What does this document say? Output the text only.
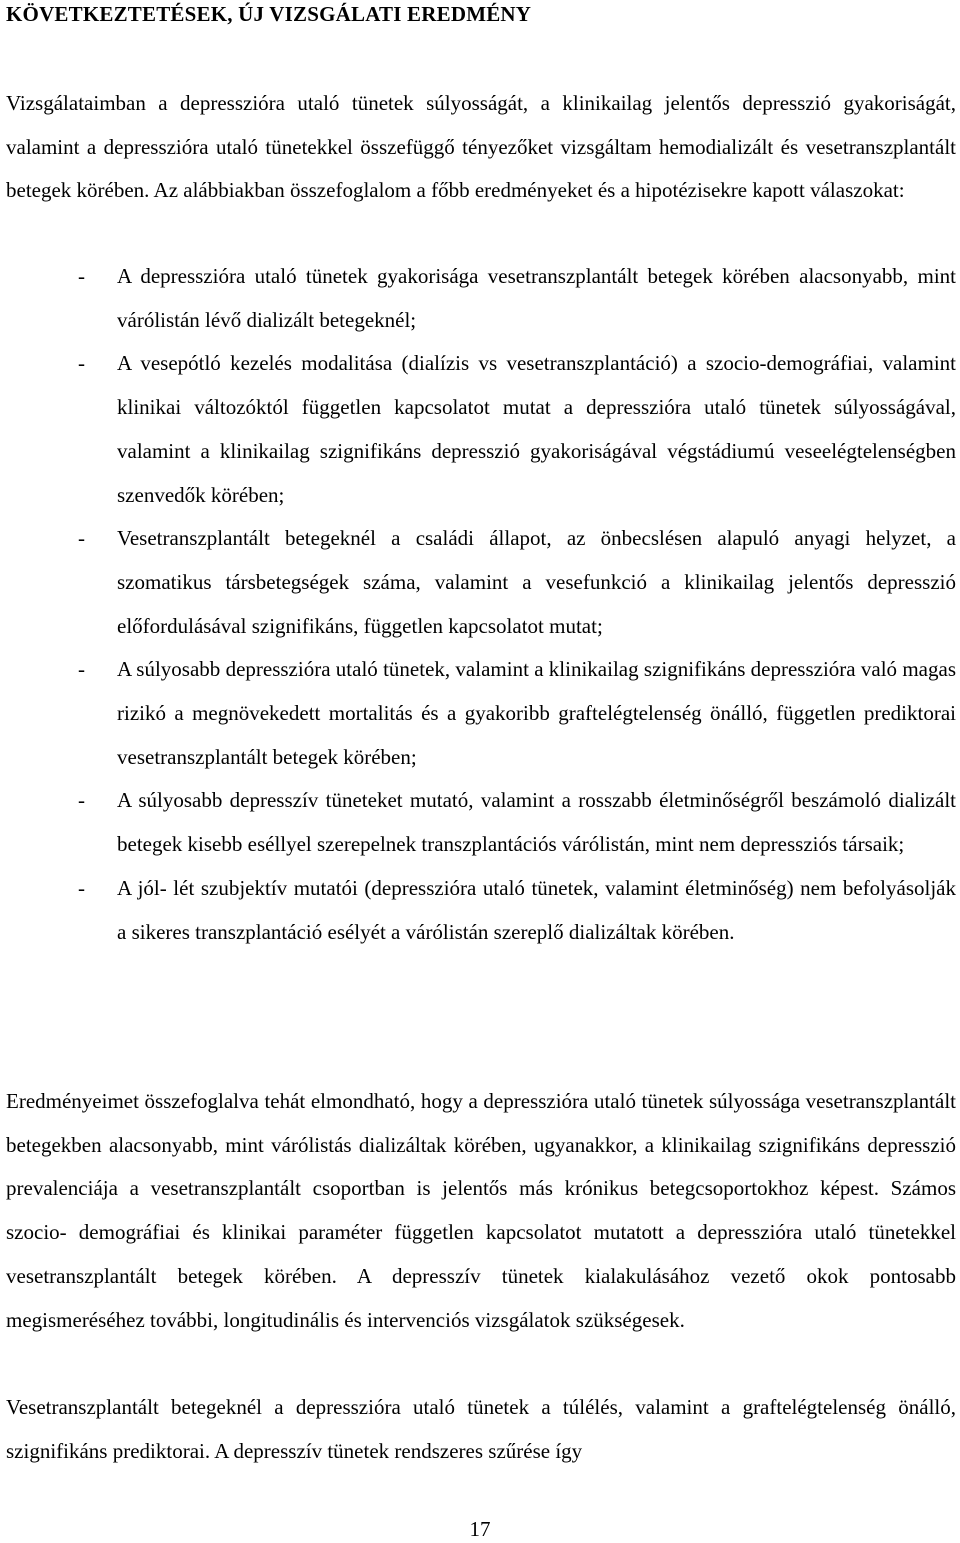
KÖVETKEZTETÉSEK, ÚJ VIZSGÁLATI EREDMÉNY

Vizsgálataimban a depresszióra utaló tünetek súlyosságát, a klinikailag jelentős depresszió gyakoriságát, valamint a depresszióra utaló tünetekkel összefüggő tényezőket vizsgáltam hemodializált és vesetranszplantált betegek körében. Az alábbiakban összefoglalom a főbb eredményeket és a hipotézisekre kapott válaszokat:

- A depresszióra utaló tünetek gyakorisága vesetranszplantált betegek körében alacsonyabb, mint várólistán lévő dializált betegeknél;
- A vesepótló kezelés modalitása (dialízis vs vesetranszplantáció) a szocio-demográfiai, valamint klinikai változóktól független kapcsolatot mutat a depresszióra utaló tünetek súlyosságával, valamint a klinikailag szignifikáns depresszió gyakoriságával végstádiumú veseelégtelenségben szenvedők körében;
- Vesetranszplantált betegeknél a családi állapot, az önbecslésen alapuló anyagi helyzet, a szomatikus társbetegségek száma, valamint a vesefunkció a klinikailag jelentős depresszió előfordulásával szignifikáns, független kapcsolatot mutat;
- A súlyosabb depresszióra utaló tünetek, valamint a klinikailag szignifikáns depresszióra való magas rizikó a megnövekedett mortalitás és a gyakoribb graftelégtelenség önálló, független prediktorai vesetranszplantált betegek körében;
- A súlyosabb depresszív tüneteket mutató, valamint a rosszabb életminőségről beszámoló dializált betegek kisebb eséllyel szerepelnek transzplantációs várólistán, mint nem depressziós társaik;
- A jól- lét szubjektív mutatói (depresszióra utaló tünetek, valamint életminőség) nem befolyásolják a sikeres transzplantáció esélyét a várólistán szereplő dializáltak körében.

Eredményeimet összefoglalva tehát elmondható, hogy a depresszióra utaló tünetek súlyossága vesetranszplantált betegekben alacsonyabb, mint várólistás dializáltak körében, ugyanakkor, a klinikailag szignifikáns depresszió prevalenciája a vesetranszplantált csoportban is jelentős más krónikus betegcsoportokhoz képest. Számos szocio- demográfiai és klinikai paraméter független kapcsolatot mutatott a depresszióra utaló tünetekkel vesetranszplantált betegek körében. A depresszív tünetek kialakulásához vezető okok pontosabb megismeréséhez további, longitudinális és intervenciós vizsgálatok szükségesek.

Vesetranszplantált betegeknél a depresszióra utaló tünetek a túlélés, valamint a graftelégtelenség önálló, szignifikáns prediktorai. A depresszív tünetek rendszeres szűrése így

17
